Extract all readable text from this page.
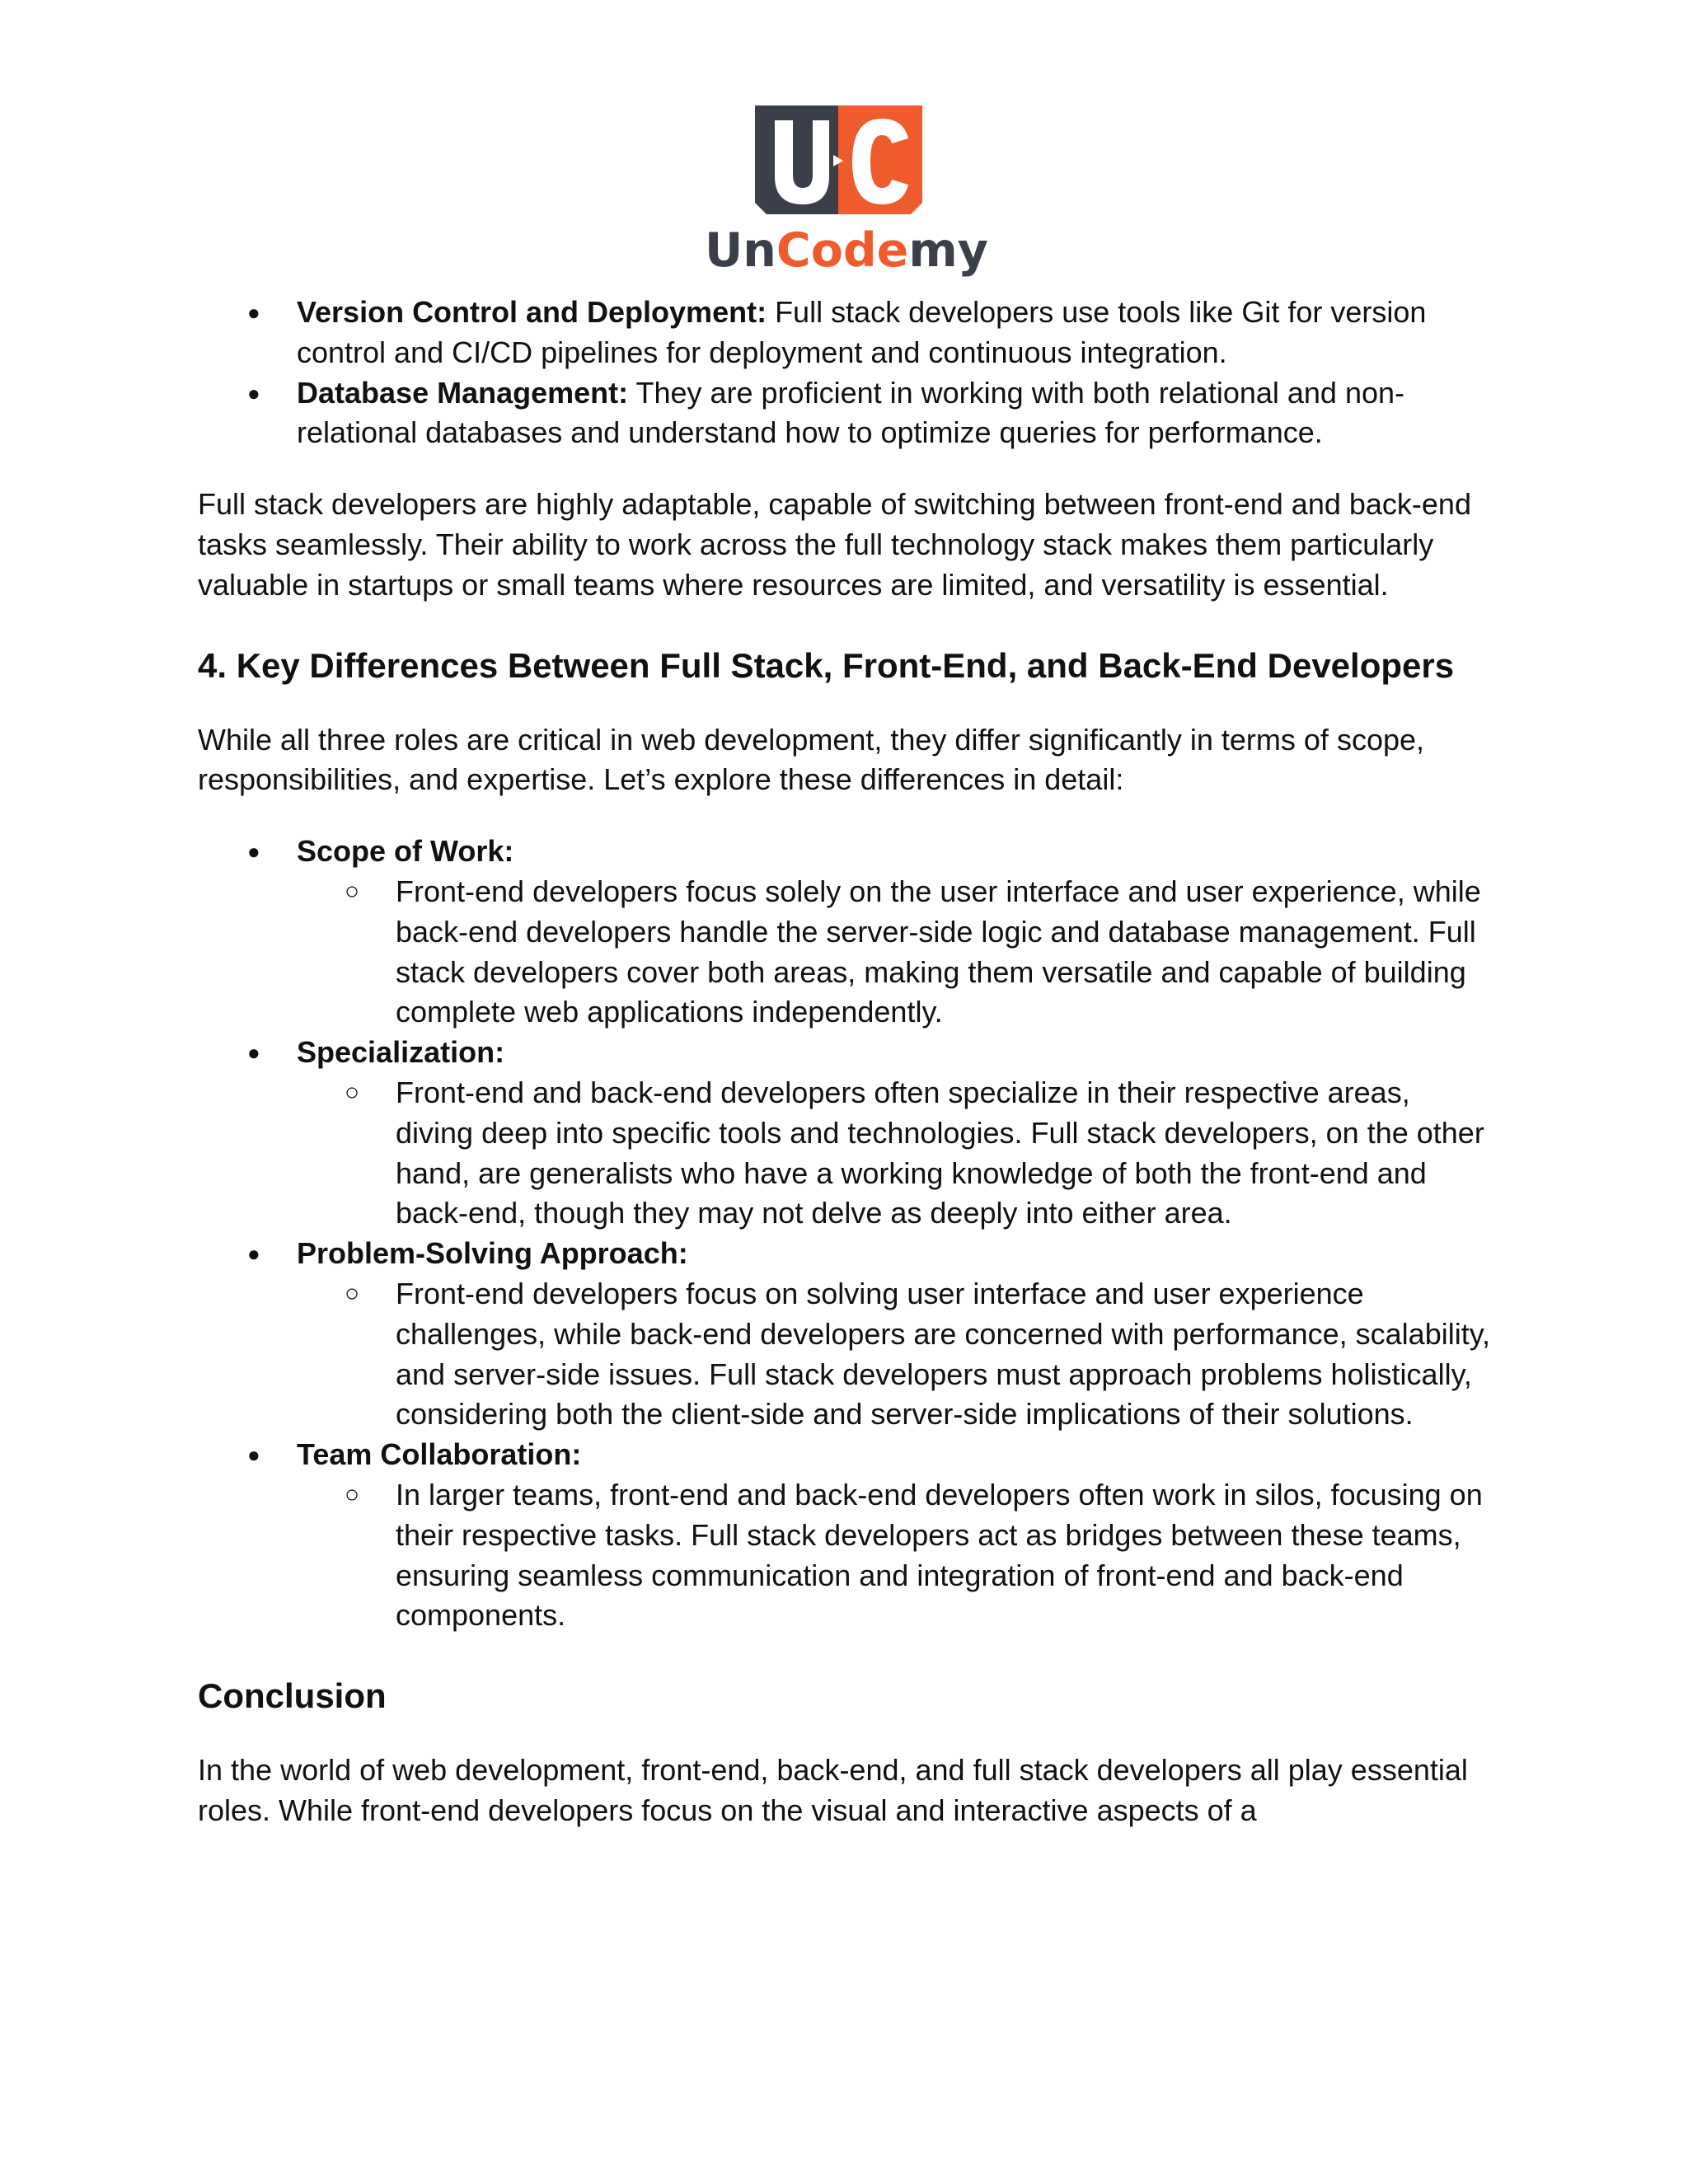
UnCodemy
●	Version Control and Deployment: Full stack developers use tools like Git for version control and CI/CD pipelines for deployment and continuous integration.
●	Database Management: They are proficient in working with both relational and non-relational databases and understand how to optimize queries for performance.

Full stack developers are highly adaptable, capable of switching between front-end and back-end tasks seamlessly. Their ability to work across the full technology stack makes them particularly valuable in startups or small teams where resources are limited, and versatility is essential.

4. Key Differences Between Full Stack, Front-End, and Back-End Developers

While all three roles are critical in web development, they differ significantly in terms of scope, responsibilities, and expertise. Let’s explore these differences in detail:

●	Scope of Work:
○ Front-end developers focus solely on the user interface and user experience, while back-end developers handle the server-side logic and database management. Full stack developers cover both areas, making them versatile and capable of building complete web applications independently.
●	Specialization:
○ Front-end and back-end developers often specialize in their respective areas, diving deep into specific tools and technologies. Full stack developers, on the other hand, are generalists who have a working knowledge of both the front-end and back-end, though they may not delve as deeply into either area.
●	Problem-Solving Approach:
○ Front-end developers focus on solving user interface and user experience challenges, while back-end developers are concerned with performance, scalability, and server-side issues. Full stack developers must approach problems holistically, considering both the client-side and server-side implications of their solutions.
●	Team Collaboration:
○ In larger teams, front-end and back-end developers often work in silos, focusing on their respective tasks. Full stack developers act as bridges between these teams, ensuring seamless communication and integration of front-end and back-end components.
Conclusion

In the world of web development, front-end, back-end, and full stack developers all play essential roles. While front-end developers focus on the visual and interactive aspects of a
